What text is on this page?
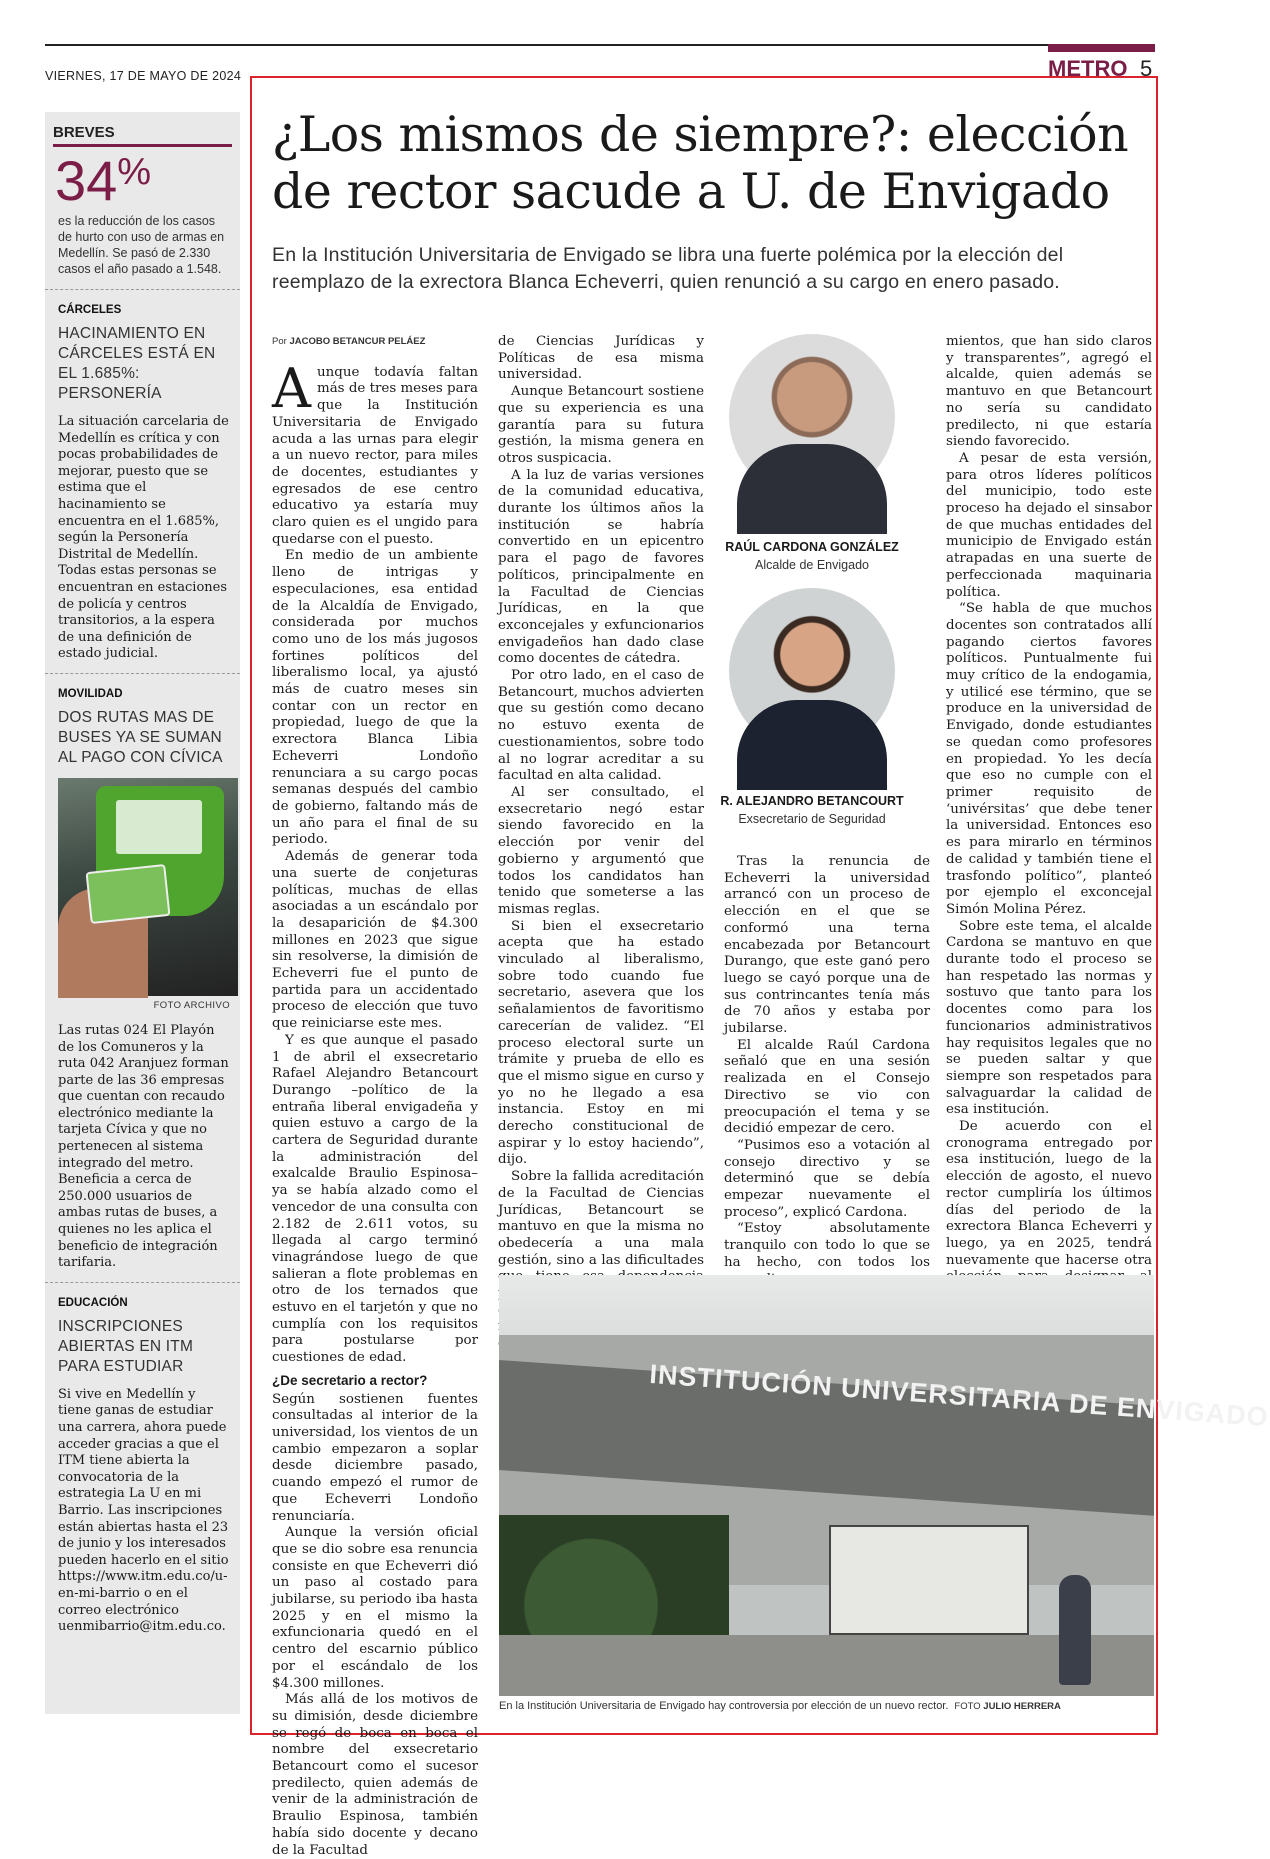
VIERNES, 17 DE MAYO DE 2024	METRO 5
BREVES
34%
es la reducción de los casos de hurto con uso de armas en Medellín. Se pasó de 2.330 casos el año pasado a 1.548.
CÁRCELES
HACINAMIENTO EN CÁRCELES ESTÁ EN EL 1.685%: PERSONERÍA
La situación carcelaria de Medellín es crítica y con pocas probabilidades de mejorar, puesto que se estima que el hacinamiento se encuentra en el 1.685%, según la Personería Distrital de Medellín. Todas estas personas se encuentran en estaciones de policía y centros transitorios, a la espera de una definición de estado judicial.
MOVILIDAD
DOS RUTAS MAS DE BUSES YA SE SUMAN AL PAGO CON CÍVICA
FOTO ARCHIVO
Las rutas 024 El Playón de los Comuneros y la ruta 042 Aranjuez forman parte de las 36 empresas que cuentan con recaudo electrónico mediante la tarjeta Cívica y que no pertenecen al sistema integrado del metro. Beneficia a cerca de 250.000 usuarios de ambas rutas de buses, a quienes no les aplica el beneficio de integración tarifaria.
EDUCACIÓN
INSCRIPCIONES ABIERTAS EN ITM PARA ESTUDIAR
Si vive en Medellín y tiene ganas de estudiar una carrera, ahora puede acceder gracias a que el ITM tiene abierta la convocatoria de la estrategia La U en mi Barrio. Las inscripciones están abiertas hasta el 23 de junio y los interesados pueden hacerlo en el sitio https://www.itm.edu.co/u-en-mi-barrio o en el correo electrónico uenmibarrio@itm.edu.co.
¿Los mismos de siempre?: elección de rector sacude a U. de Envigado
En la Institución Universitaria de Envigado se libra una fuerte polémica por la elección del reemplazo de la exrectora Blanca Echeverri, quien renunció a su cargo en enero pasado.
Por JACOBO BETANCUR PELÁEZ

Aunque todavía faltan más de tres meses para que la Institución Universitaria de Envigado acuda a las urnas para elegir a un nuevo rector, para miles de docentes, estudiantes y egresados de ese centro educativo ya estaría muy claro quien es el ungido para quedarse con el puesto.

En medio de un ambiente lleno de intrigas y especulaciones, esa entidad de la Alcaldía de Envigado, considerada por muchos como uno de los más jugosos fortines políticos del liberalismo local, ya ajustó más de cuatro meses sin contar con un rector en propiedad, luego de que la exrectora Blanca Libia Echeverri Londoño renunciara a su cargo pocas semanas después del cambio de gobierno, faltando más de un año para el final de su periodo.

Además de generar toda una suerte de conjeturas políticas, muchas de ellas asociadas a un escándalo por la desaparición de $4.300 millones en 2023 que sigue sin resolverse, la dimisión de Echeverri fue el punto de partida para un accidentado proceso de elección que tuvo que reiniciarse este mes.

Y es que aunque el pasado 1 de abril el exsecretario Rafael Alejandro Betancourt Durango –político de la entraña liberal envigadeña y quien estuvo a cargo de la cartera de Seguridad durante la administración del exalcalde Braulio Espinosa– ya se había alzado como el vencedor de una consulta con 2.182 de 2.611 votos, su llegada al cargo terminó vinagrándose luego de que salieran a flote problemas en otro de los ternados que estuvo en el tarjetón y que no cumplía con los requisitos para postularse por cuestiones de edad.

¿De secretario a rector?

Según sostienen fuentes consultadas al interior de la universidad, los vientos de un cambio empezaron a soplar desde diciembre pasado, cuando empezó el rumor de que Echeverri Londoño renunciaría.

Aunque la versión oficial que se dio sobre esa renuncia consiste en que Echeverri dió un paso al costado para jubilarse, su periodo iba hasta 2025 y en el mismo la exfuncionaria quedó en el centro del escarnio público por el escándalo de los $4.300 millones.

Más allá de los motivos de su dimisión, desde diciembre se regó de boca en boca el nombre del exsecretario Betancourt como el sucesor predilecto, quien además de venir de la administración de Braulio Espinosa, también había sido docente y decano de la Facultad

de Ciencias Jurídicas y Políticas de esa misma universidad.

Aunque Betancourt sostiene que su experiencia es una garantía para su futura gestión, la misma genera en otros suspicacia.

A la luz de varias versiones de la comunidad educativa, durante los últimos años la institución se habría convertido en un epicentro para el pago de favores políticos, principalmente en la Facultad de Ciencias Jurídicas, en la que exconcejales y exfuncionarios envigadeños han dado clase como docentes de cátedra.

Por otro lado, en el caso de Betancourt, muchos advierten que su gestión como decano no estuvo exenta de cuestionamientos, sobre todo al no lograr acreditar a su facultad en alta calidad.

Al ser consultado, el exsecretario negó estar siendo favorecido en la elección por venir del gobierno y argumentó que todos los candidatos han tenido que someterse a las mismas reglas.

Si bien el exsecretario acepta que ha estado vinculado al liberalismo, sobre todo cuando fue secretario, asevera que los señalamientos de favoritismo carecerían de validez. “El proceso electoral surte un trámite y prueba de ello es que el mismo sigue en curso y yo no he llegado a esa instancia. Estoy en mi derecho constitucional de aspirar y lo estoy haciendo”, dijo.

Sobre la fallida acreditación de la Facultad de Ciencias Jurídicas, Betancourt se mantuvo en que la misma no obedecería a una mala gestión, sino a las dificultades

RAÚL CARDONA GONZÁLEZ
Alcalde de Envigado
R. ALEJANDRO BETANCOURT
Exsecretario de Seguridad

Tras la renuncia de Echeverri la universidad arrancó con un proceso de elección en el que se conformó una terna encabezada por Betancourt Durango, que este ganó pero luego se cayó porque una de sus contrincantes tenía más de 70 años y estaba por jubilarse.

El alcalde Raúl Cardona señaló que en una sesión realizada en el Consejo Directivo se vio con preocupación el tema y se decidió empezar de cero.

“Pusimos eso a votación al consejo directivo y se determinó que se debía empezar nuevamente el proceso”, explicó Cardona.

“Estoy absolutamente tranquilo con todo lo que se ha hecho, con todos los

mientos, que han sido claros y transparentes”, agregó el alcalde, quien además se mantuvo en que Betancourt no sería su candidato predilecto, ni que estaría siendo favorecido.

A pesar de esta versión, para otros líderes políticos del municipio, todo este proceso ha dejado el sinsabor de que muchas entidades del municipio de Envigado están atrapadas en una suerte de perfeccionada maquinaria política.

“Se habla de que muchos docentes son contratados allí pagando ciertos favores políticos. Puntualmente fui muy crítico de la endogamia, y utilicé ese término, que se produce en la universidad de Envigado, donde estudiantes se quedan como profesores en propiedad. Yo les decía que eso no cumple con el primer requisito de ‘univérsitas’ que debe tener la universidad. Entonces eso es para mirarlo en términos de calidad y también tiene el trasfondo político”, planteó por ejemplo el exconcejal Simón Molina Pérez.

Sobre este tema, el alcalde Cardona se mantuvo en que durante todo el proceso se han respetado las normas y sostuvo que tanto para los docentes como para los funcionarios administrativos hay requisitos legales que no se pueden saltar y que siempre son respetados para salvaguardar la calidad de esa institución.

De acuerdo con el cronograma entregado por esa institución, luego de la elección de agosto, el nuevo rector cumpliría los últimos días del periodo de la exrectora Blanca Echeverri y luego, ya en 2025, tendrá nuevamente que hacerse otra

INSTITUCIÓN UNIVERSITARIA DE ENVIGADO
En la Institución Universitaria de Envigado hay controversia por elección de un nuevo rector. FOTO JULIO HERRERA
